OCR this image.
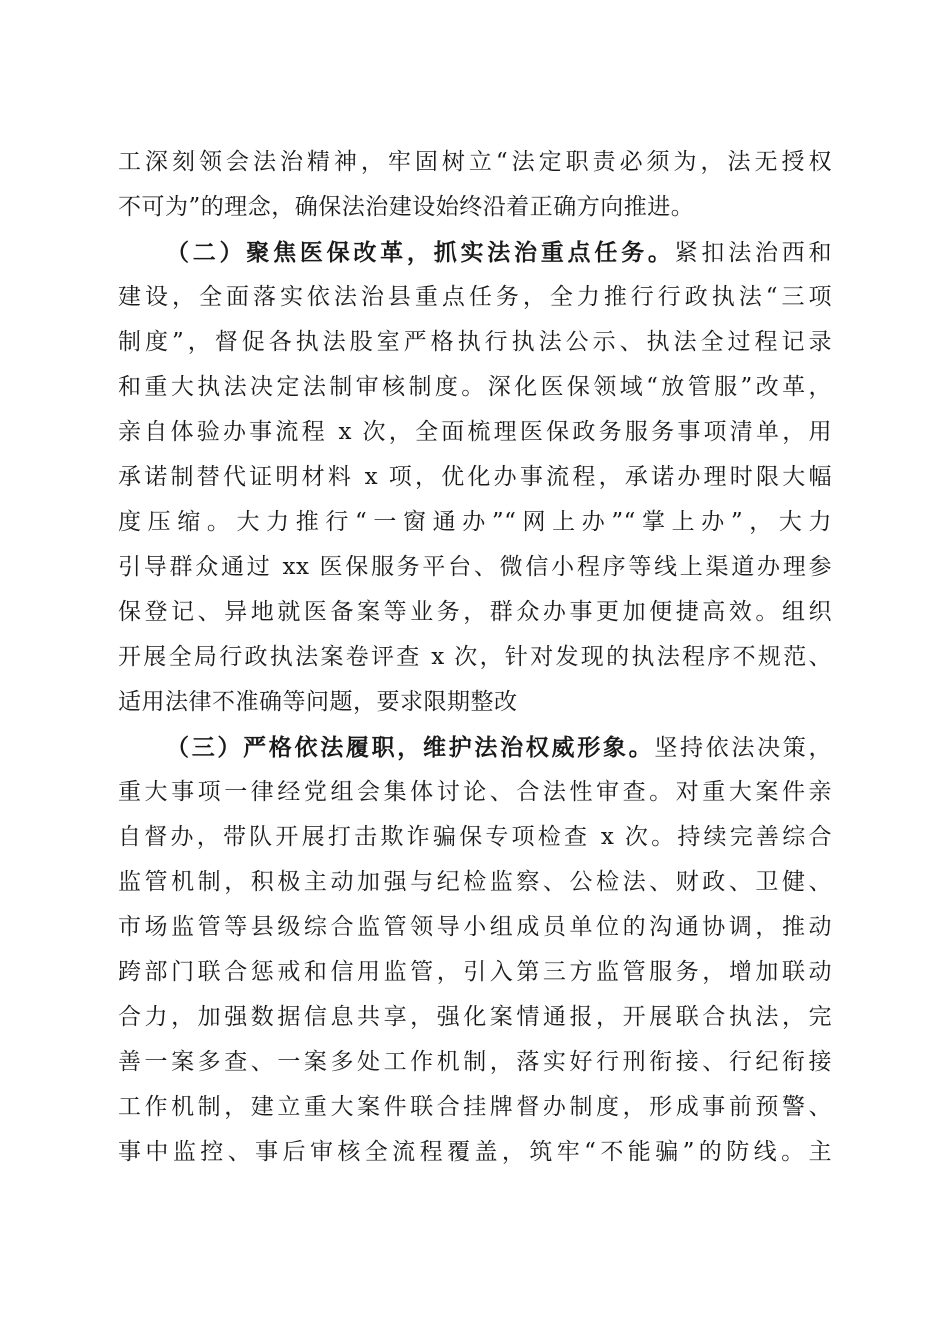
工深刻领会法治精神，牢固树立“法定职责必须为，法无授权
不可为”的理念，确保法治建设始终沿着正确方向推进。
（二）聚焦医保改革，抓实法治重点任务。紧扣法治西和
建设，全面落实依法治县重点任务，全力推行行政执法“三项
制度”，督促各执法股室严格执行执法公示、执法全过程记录
和重大执法决定法制审核制度。深化医保领域“放管服”改革，
亲自体验办事流程 x 次，全面梳理医保政务服务事项清单，用
承诺制替代证明材料 x 项，优化办事流程，承诺办理时限大幅
度压缩。大力推行“一窗通办”“网上办”“掌上办”，大力
引导群众通过 xx 医保服务平台、微信小程序等线上渠道办理参
保登记、异地就医备案等业务，群众办事更加便捷高效。组织
开展全局行政执法案卷评查 x 次，针对发现的执法程序不规范、
适用法律不准确等问题，要求限期整改
（三）严格依法履职，维护法治权威形象。坚持依法决策，
重大事项一律经党组会集体讨论、合法性审查。对重大案件亲
自督办，带队开展打击欺诈骗保专项检查 x 次。持续完善综合
监管机制，积极主动加强与纪检监察、公检法、财政、卫健、
市场监管等县级综合监管领导小组成员单位的沟通协调，推动
跨部门联合惩戒和信用监管，引入第三方监管服务，增加联动
合力，加强数据信息共享，强化案情通报，开展联合执法，完
善一案多查、一案多处工作机制，落实好行刑衔接、行纪衔接
工作机制，建立重大案件联合挂牌督办制度，形成事前预警、
事中监控、事后审核全流程覆盖，筑牢“不能骗”的防线。主
